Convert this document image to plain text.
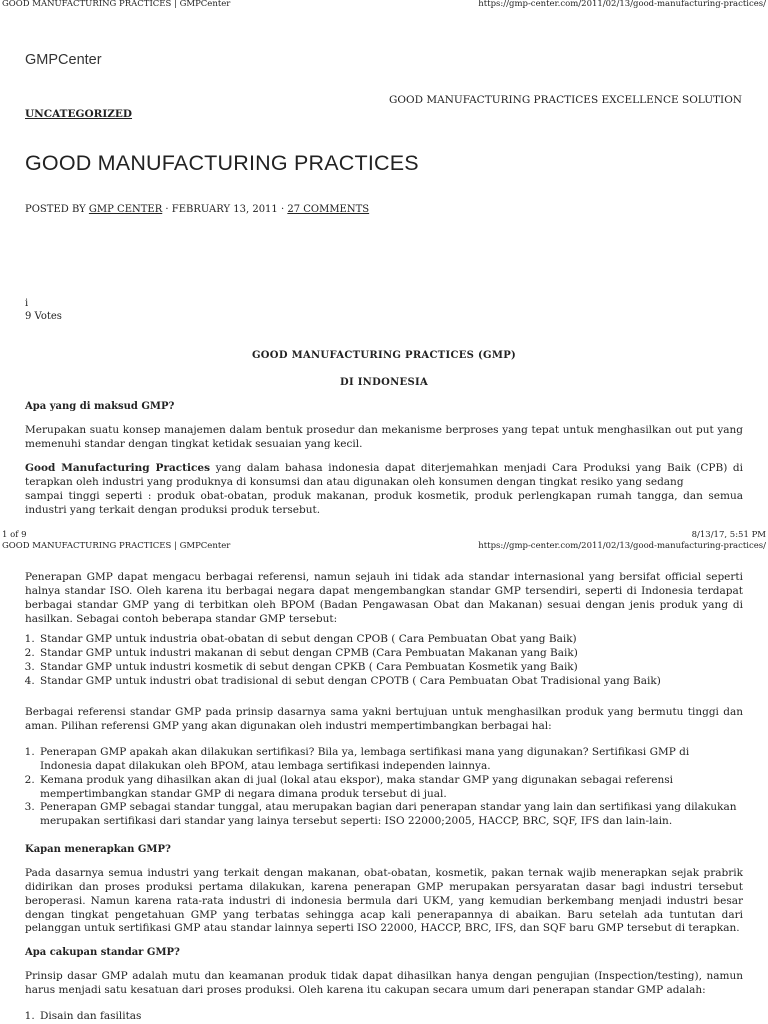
GOOD MANUFACTURING PRACTICES | GMPCenter	https://gmp-center.com/2011/02/13/good-manufacturing-practices/
GMPCenter
GOOD MANUFACTURING PRACTICES EXCELLENCE SOLUTION
UNCATEGORIZED
GOOD MANUFACTURING PRACTICES
POSTED BY GMP CENTER · FEBRUARY 13, 2011 · 27 COMMENTS
i
9 Votes
GOOD MANUFACTURING PRACTICES (GMP)
DI INDONESIA
Apa yang di maksud GMP?
Merupakan suatu konsep manajemen dalam bentuk prosedur dan mekanisme berproses yang tepat untuk menghasilkan out put yang memenuhi standar dengan tingkat ketidak sesuaian yang kecil.
Good Manufacturing Practices yang dalam bahasa indonesia dapat diterjemahkan menjadi Cara Produksi yang Baik (CPB) di terapkan oleh industri yang produknya di konsumsi dan atau digunakan oleh konsumen dengan tingkat resiko yang sedang
sampai tinggi seperti : produk obat-obatan, produk makanan, produk kosmetik, produk perlengkapan rumah tangga, dan semua industri yang terkait dengan produksi produk tersebut.
1 of 9	8/13/17, 5:51 PM
GOOD MANUFACTURING PRACTICES | GMPCenter	https://gmp-center.com/2011/02/13/good-manufacturing-practices/
Penerapan GMP dapat mengacu berbagai referensi, namun sejauh ini tidak ada standar internasional yang bersifat official seperti halnya standar ISO. Oleh karena itu berbagai negara dapat mengembangkan standar GMP tersendiri, seperti di Indonesia terdapat berbagai standar GMP yang di terbitkan oleh BPOM (Badan Pengawasan Obat dan Makanan) sesuai dengan jenis produk yang di hasilkan. Sebagai contoh beberapa standar GMP tersebut:
1. Standar GMP untuk industria obat-obatan di sebut dengan CPOB ( Cara Pembuatan Obat yang Baik)
2. Standar GMP untuk industri makanan di sebut dengan CPMB (Cara Pembuatan Makanan yang Baik)
3. Standar GMP untuk industri kosmetik di sebut dengan CPKB ( Cara Pembuatan Kosmetik yang Baik)
4. Standar GMP untuk industri obat tradisional di sebut dengan CPOTB ( Cara Pembuatan Obat Tradisional yang Baik)
Berbagai referensi standar GMP pada prinsip dasarnya sama yakni bertujuan untuk menghasilkan produk yang bermutu tinggi dan aman. Pilihan referensi GMP yang akan digunakan oleh industri mempertimbangkan berbagai hal:
1. Penerapan GMP apakah akan dilakukan sertifikasi? Bila ya, lembaga sertifikasi mana yang digunakan? Sertifikasi GMP di Indonesia dapat dilakukan oleh BPOM, atau lembaga sertifikasi independen lainnya.
2. Kemana produk yang dihasilkan akan di jual (lokal atau ekspor), maka standar GMP yang digunakan sebagai referensi mempertimbangkan standar GMP di negara dimana produk tersebut di jual.
3. Penerapan GMP sebagai standar tunggal, atau merupakan bagian dari penerapan standar yang lain dan sertifikasi yang dilakukan merupakan sertifikasi dari standar yang lainya tersebut seperti: ISO 22000;2005, HACCP, BRC, SQF, IFS dan lain-lain.
Kapan menerapkan GMP?
Pada dasarnya semua industri yang terkait dengan makanan, obat-obatan, kosmetik, pakan ternak wajib menerapkan sejak prabrik didirikan dan proses produksi pertama dilakukan, karena penerapan GMP merupakan persyaratan dasar bagi industri tersebut beroperasi. Namun karena rata-rata industri di indonesia bermula dari UKM, yang kemudian berkembang menjadi industri besar dengan tingkat pengetahuan GMP yang terbatas sehingga acap kali penerapannya di abaikan. Baru setelah ada tuntutan dari pelanggan untuk sertifikasi GMP atau standar lainnya seperti ISO 22000, HACCP, BRC, IFS, dan SQF baru GMP tersebut di terapkan.
Apa cakupan standar GMP?
Prinsip dasar GMP adalah mutu dan keamanan produk tidak dapat dihasilkan hanya dengan pengujian (Inspection/testing), namun harus menjadi satu kesatuan dari proses produksi. Oleh karena itu cakupan secara umum dari penerapan standar GMP adalah:
1. Disain dan fasilitas
